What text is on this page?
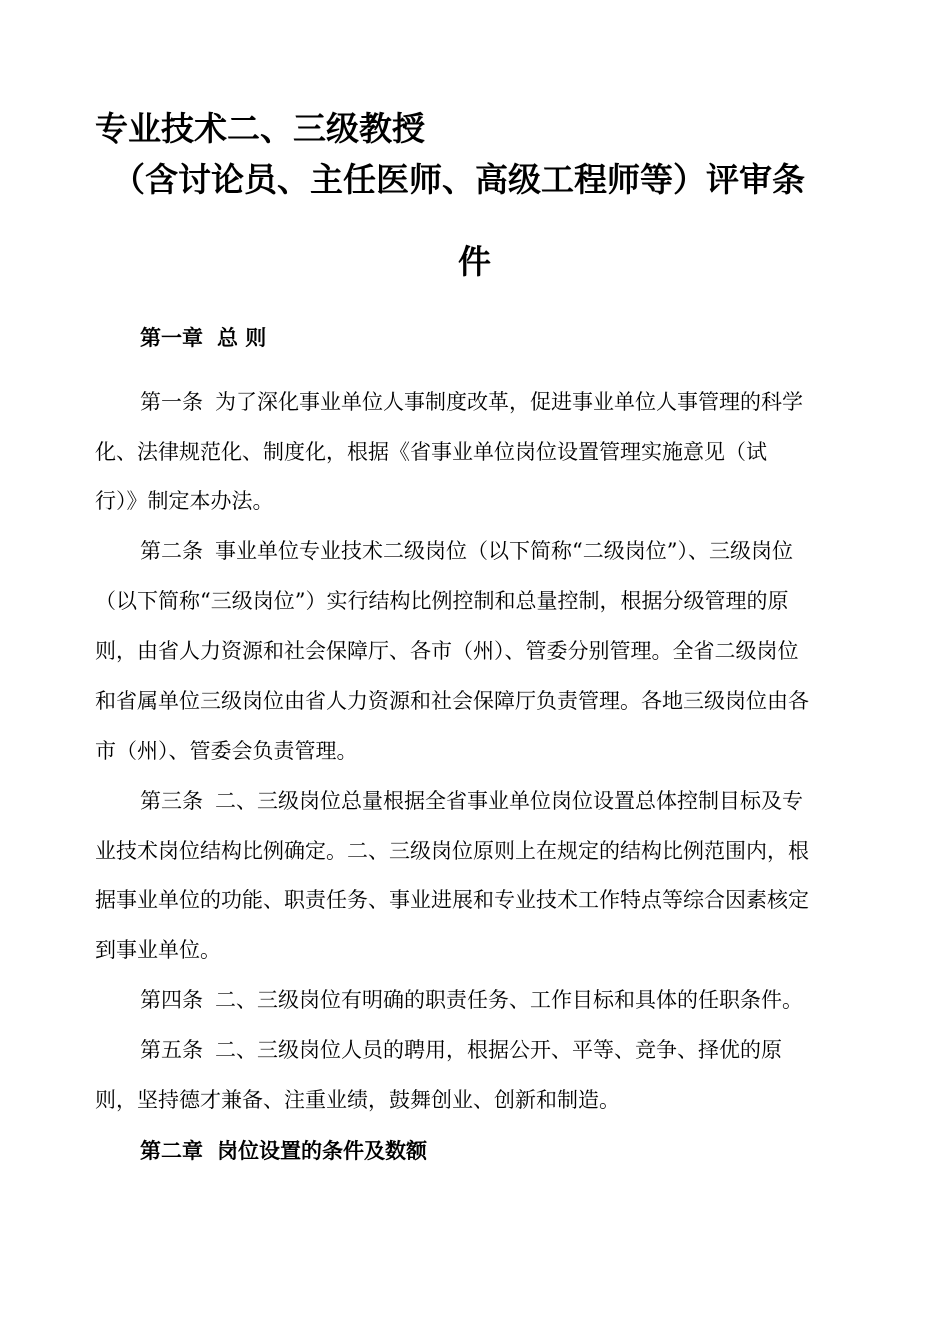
专业技术二、三级教授
（含讨论员、主任医师、高级工程师等）评审条
件
第一章 总 则
第一条 为了深化事业单位人事制度改革，促进事业单位人事管理的科学
化、法律规范化、制度化，根据《省事业单位岗位设置管理实施意见（试
行）》制定本办法。
第二条 事业单位专业技术二级岗位（以下简称“二级岗位”）、三级岗位
（以下简称“三级岗位”）实行结构比例控制和总量控制，根据分级管理的原
则，由省人力资源和社会保障厅、各市（州）、管委分别管理。全省二级岗位
和省属单位三级岗位由省人力资源和社会保障厅负责管理。各地三级岗位由各
市（州）、管委会负责管理。
第三条 二、三级岗位总量根据全省事业单位岗位设置总体控制目标及专
业技术岗位结构比例确定。二、三级岗位原则上在规定的结构比例范围内，根
据事业单位的功能、职责任务、事业进展和专业技术工作特点等综合因素核定
到事业单位。
第四条 二、三级岗位有明确的职责任务、工作目标和具体的任职条件。
第五条 二、三级岗位人员的聘用，根据公开、平等、竞争、择优的原
则，坚持德才兼备、注重业绩，鼓舞创业、创新和制造。
第二章 岗位设置的条件及数额
